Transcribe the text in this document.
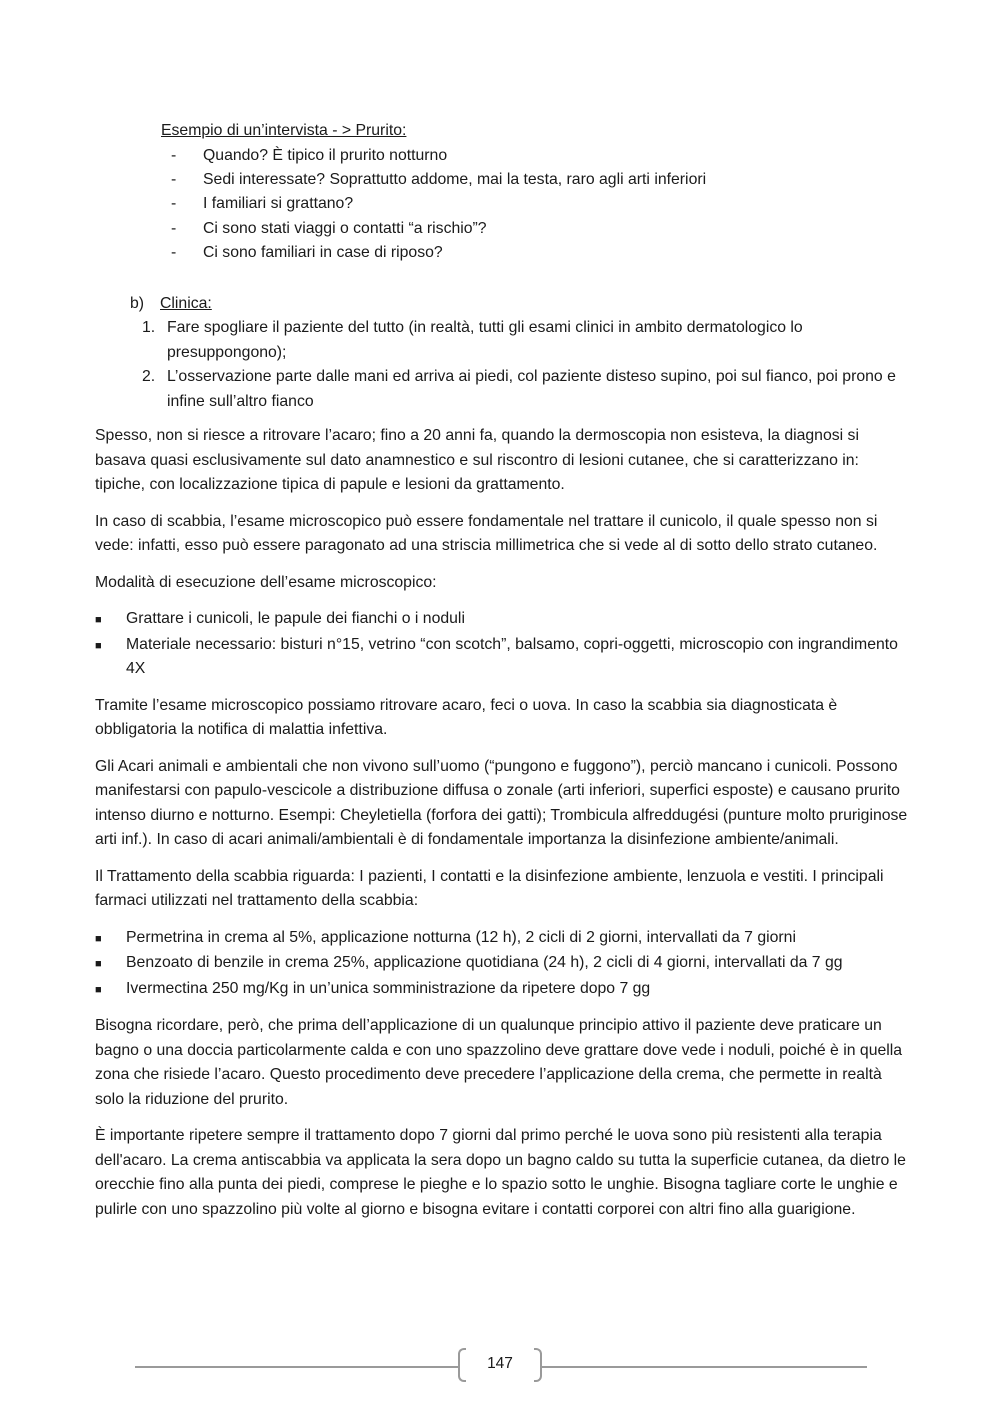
Esempio di un’intervista - > Prurito:

-	Quando? È tipico il prurito notturno
-	Sedi interessate? Soprattutto addome, mai la testa, raro agli arti inferiori
-	I familiari si grattano?
-	Ci sono stati viaggi o contatti “a rischio”?
-	Ci sono familiari in case di riposo?
b)	Clinica:
1. Fare spogliare il paziente del tutto (in realtà, tutti gli esami clinici in ambito dermatologico lo presuppongono);
2. L’osservazione parte dalle mani ed arriva ai piedi, col paziente disteso supino, poi sul fianco, poi prono e infine sull’altro fianco

Spesso, non si riesce a ritrovare l’acaro; fino a 20 anni fa, quando la dermoscopia non esisteva, la diagnosi si basava quasi esclusivamente sul dato anamnestico e sul riscontro di lesioni cutanee, che si caratterizzano in: tipiche, con localizzazione tipica di papule e lesioni da grattamento.

In caso di scabbia, l’esame microscopico può essere fondamentale nel trattare il cunicolo, il quale spesso non si vede: infatti, esso può essere paragonato ad una striscia millimetrica che si vede al di sotto dello strato cutaneo.

Modalità di esecuzione dell’esame microscopico:

■	Grattare i cunicoli, le papule dei fianchi o i noduli
■	Materiale necessario: bisturi n°15, vetrino “con scotch”, balsamo, copri-oggetti, microscopio con ingrandimento 4X

Tramite l’esame microscopico possiamo ritrovare acaro, feci o uova. In caso la scabbia sia diagnosticata è obbligatoria la notifica di malattia infettiva.

Gli Acari animali e ambientali che non vivono sull’uomo (“pungono e fuggono”), perciò mancano i cunicoli. Possono manifestarsi con papulo-vescicole a distribuzione diffusa o zonale (arti inferiori, superfici esposte) e causano prurito intenso diurno e notturno. Esempi: Cheyletiella (forfora dei gatti); Trombicula alfreddugési (punture molto pruriginose arti inf.). In caso di acari animali/ambientali è di fondamentale importanza la disinfezione ambiente/animali.

Il Trattamento della scabbia riguarda: I pazienti, I contatti e la disinfezione ambiente, lenzuola e vestiti. I principali farmaci utilizzati nel trattamento della scabbia:

■	Permetrina in crema al 5%, applicazione notturna (12 h), 2 cicli di 2 giorni, intervallati da 7 giorni
■	Benzoato di benzile in crema 25%, applicazione quotidiana (24 h), 2 cicli di 4 giorni, intervallati da 7 gg
■	Ivermectina 250 mg/Kg in un’unica somministrazione da ripetere dopo 7 gg

Bisogna ricordare, però, che prima dell’applicazione di un qualunque principio attivo il paziente deve praticare un bagno o una doccia particolarmente calda e con uno spazzolino deve grattare dove vede i noduli, poiché è in quella zona che risiede l’acaro. Questo procedimento deve precedere l’applicazione della crema, che permette in realtà solo la riduzione del prurito.

È importante ripetere sempre il trattamento dopo 7 giorni dal primo perché le uova sono più resistenti alla terapia dell'acaro. La crema antiscabbia va applicata la sera dopo un bagno caldo su tutta la superficie cutanea, da dietro le orecchie fino alla punta dei piedi, comprese le pieghe e lo spazio sotto le unghie. Bisogna tagliare corte le unghie e pulirle con uno spazzolino più volte al giorno e bisogna evitare i contatti corporei con altri fino alla guarigione.

147
